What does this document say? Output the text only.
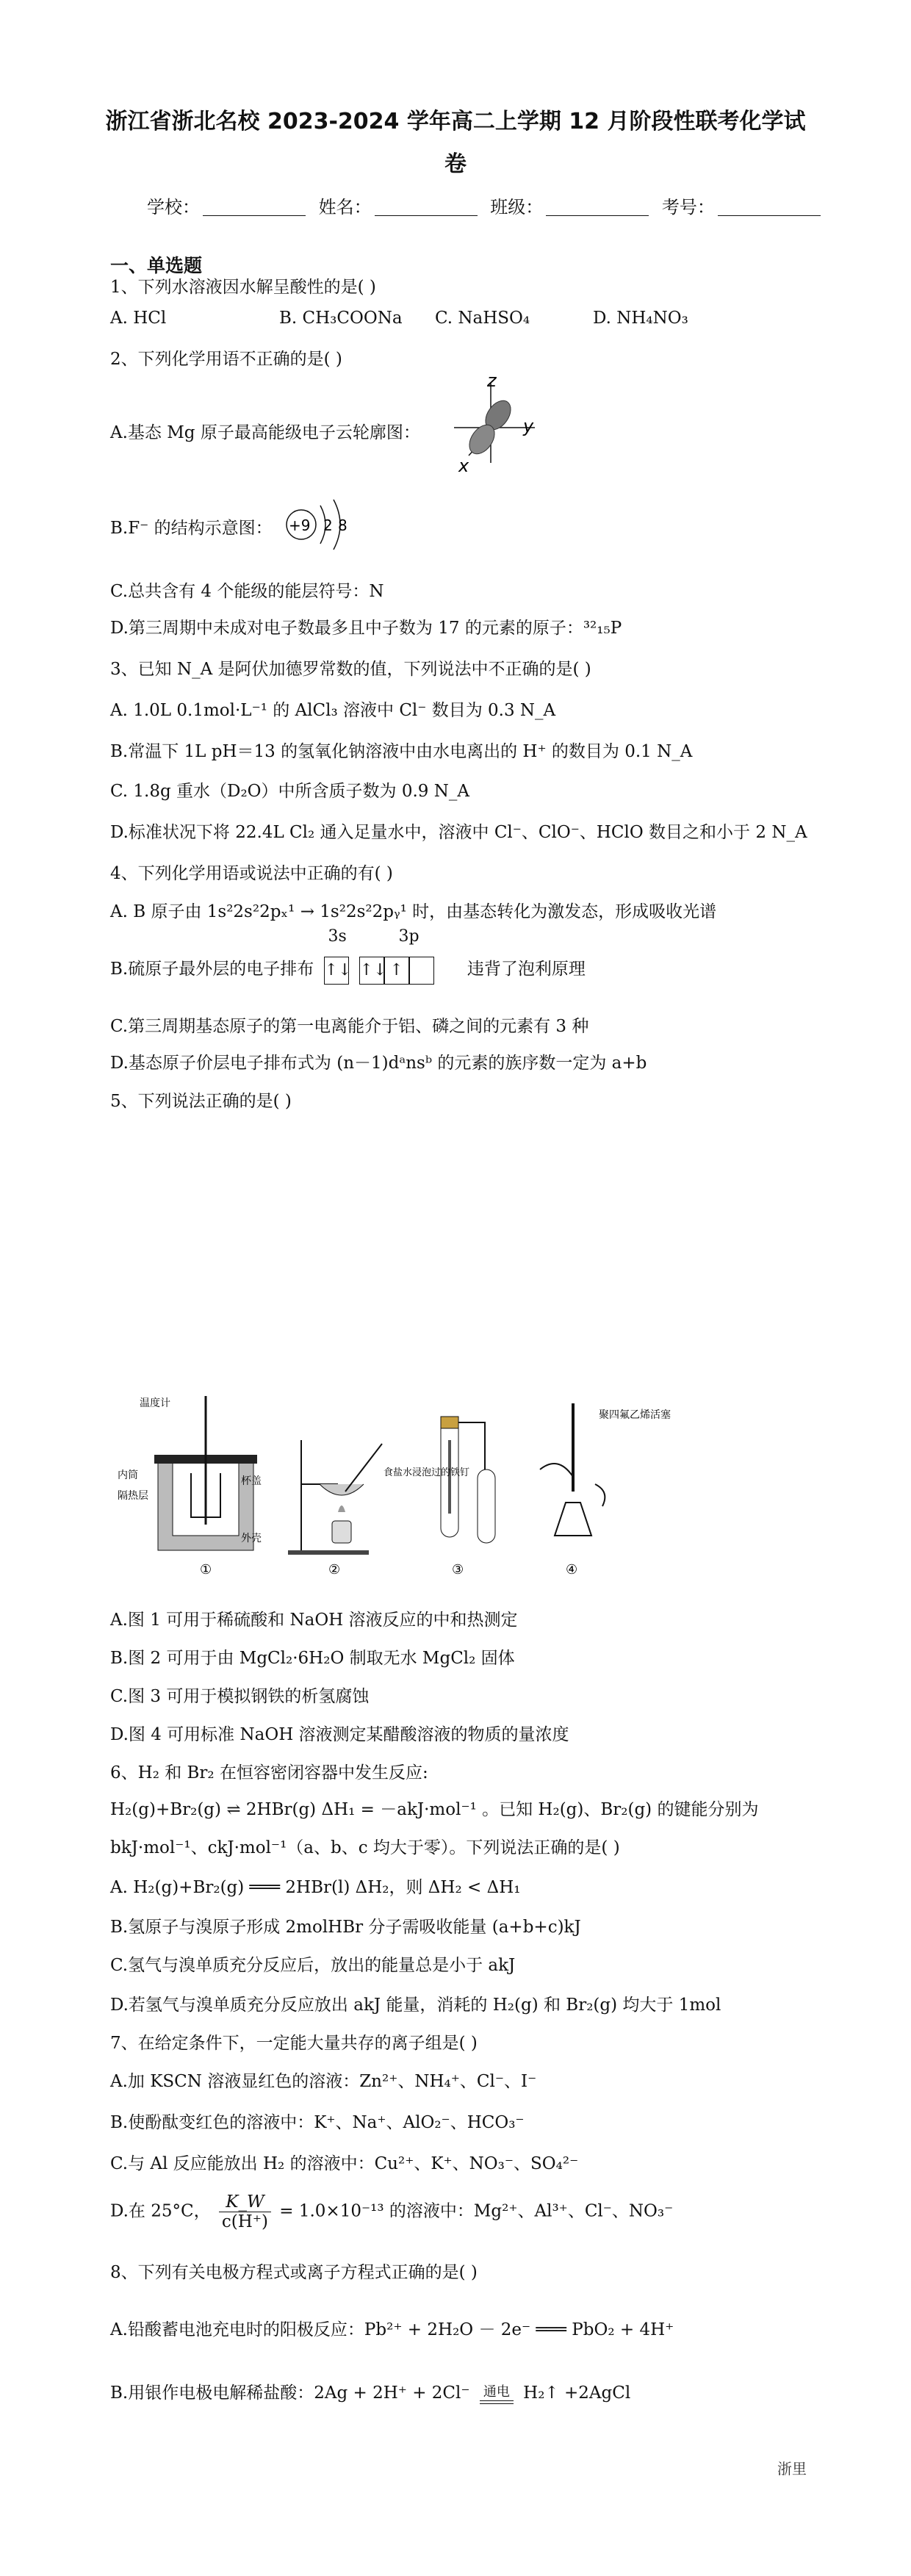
浙江省浙北名校 2023-2024 学年高二上学期 12 月阶段性联考化学试
卷
学校：	姓名：	班级：	考号：
一、单选题
1、下列水溶液因水解呈酸性的是( )
A. HCl	B. CH₃COONa C. NaHSO₄	D. NH₄NO₃
2、下列化学用语不正确的是( )
A.基态 Mg 原子最高能级电子云轮廓图：
z
y
x
B.F⁻ 的结构示意图： +9 2 8
C.总共含有 4 个能级的能层符号：N
D.第三周期中未成对电子数最多且中子数为 17 的元素的原子：³²₁₅P
3、已知 N_A 是阿伏加德罗常数的值，下列说法中不正确的是( )
A. 1.0L 0.1mol·L⁻¹ 的 AlCl₃ 溶液中 Cl⁻ 数目为 0.3 N_A
B.常温下 1L pH＝13 的氢氧化钠溶液中由水电离出的 H⁺ 的数目为 0.1 N_A
C. 1.8g 重水（D₂O）中所含质子数为 0.9 N_A
D.标准状况下将 22.4L Cl₂ 通入足量水中，溶液中 Cl⁻、ClO⁻、HClO 数目之和小于 2 N_A
4、下列化学用语或说法中正确的有( )
A. B 原子由 1s²2s²2pₓ¹ → 1s²2s²2pᵧ¹ 时，由基态转化为激发态，形成吸收光谱
B.硫原子最外层的电子排布
3s	3p
↑↓ ↑↓ ↑	违背了泡利原理
C.第三周期基态原子的第一电离能介于铝、磷之间的元素有 3 种
D.基态原子价层电子排布式为 (n－1)dᵃnsᵇ 的元素的族序数一定为 a+b
5、下列说法正确的是( )
温度计
内筒	杯盖
隔热层
外壳
①	②
食盐水浸泡过的铁钉
③
聚四氟乙烯活塞
④
A.图 1 可用于稀硫酸和 NaOH 溶液反应的中和热测定
B.图 2 可用于由 MgCl₂·6H₂O 制取无水 MgCl₂ 固体
C.图 3 可用于模拟钢铁的析氢腐蚀
D.图 4 可用标准 NaOH 溶液测定某醋酸溶液的物质的量浓度
6、H₂ 和 Br₂ 在恒容密闭容器中发生反应:
H₂(g)+Br₂(g) ⇌ 2HBr(g) ΔH₁ = －akJ·mol⁻¹ 。已知 H₂(g)、Br₂(g) 的键能分别为
bkJ·mol⁻¹、ckJ·mol⁻¹（a、b、c 均大于零）。下列说法正确的是( )
A. H₂(g)+Br₂(g) ═══ 2HBr(l) ΔH₂，则 ΔH₂ < ΔH₁
B.氢原子与溴原子形成 2molHBr 分子需吸收能量 (a+b+c)kJ
C.氢气与溴单质充分反应后，放出的能量总是小于 akJ
D.若氢气与溴单质充分反应放出 akJ 能量，消耗的 H₂(g) 和 Br₂(g) 均大于 1mol
7、在给定条件下，一定能大量共存的离子组是( )
A.加 KSCN 溶液显红色的溶液：Zn²⁺、NH₄⁺、Cl⁻、I⁻
B.使酚酞变红色的溶液中：K⁺、Na⁺、AlO₂⁻、HCO₃⁻
C.与 Al 反应能放出 H₂ 的溶液中：Cu²⁺、K⁺、NO₃⁻、SO₄²⁻
D.在 25°C， $\frac{K\_W}{c(H^+)} = 1.0\times 10^{-13}$ 的溶液中：Mg²⁺、Al³⁺、Cl⁻、NO₃⁻
8、下列有关电极方程式或离子方程式正确的是( )
A.铅酸蓄电池充电时的阳极反应：Pb²⁺ + 2H₂O － 2e⁻ ═══ PbO₂ + 4H⁺
B.用银作电极电解稀盐酸：2Ag + 2H⁺ + 2Cl⁻ 通电 H₂↑ +2AgCl
浙里
